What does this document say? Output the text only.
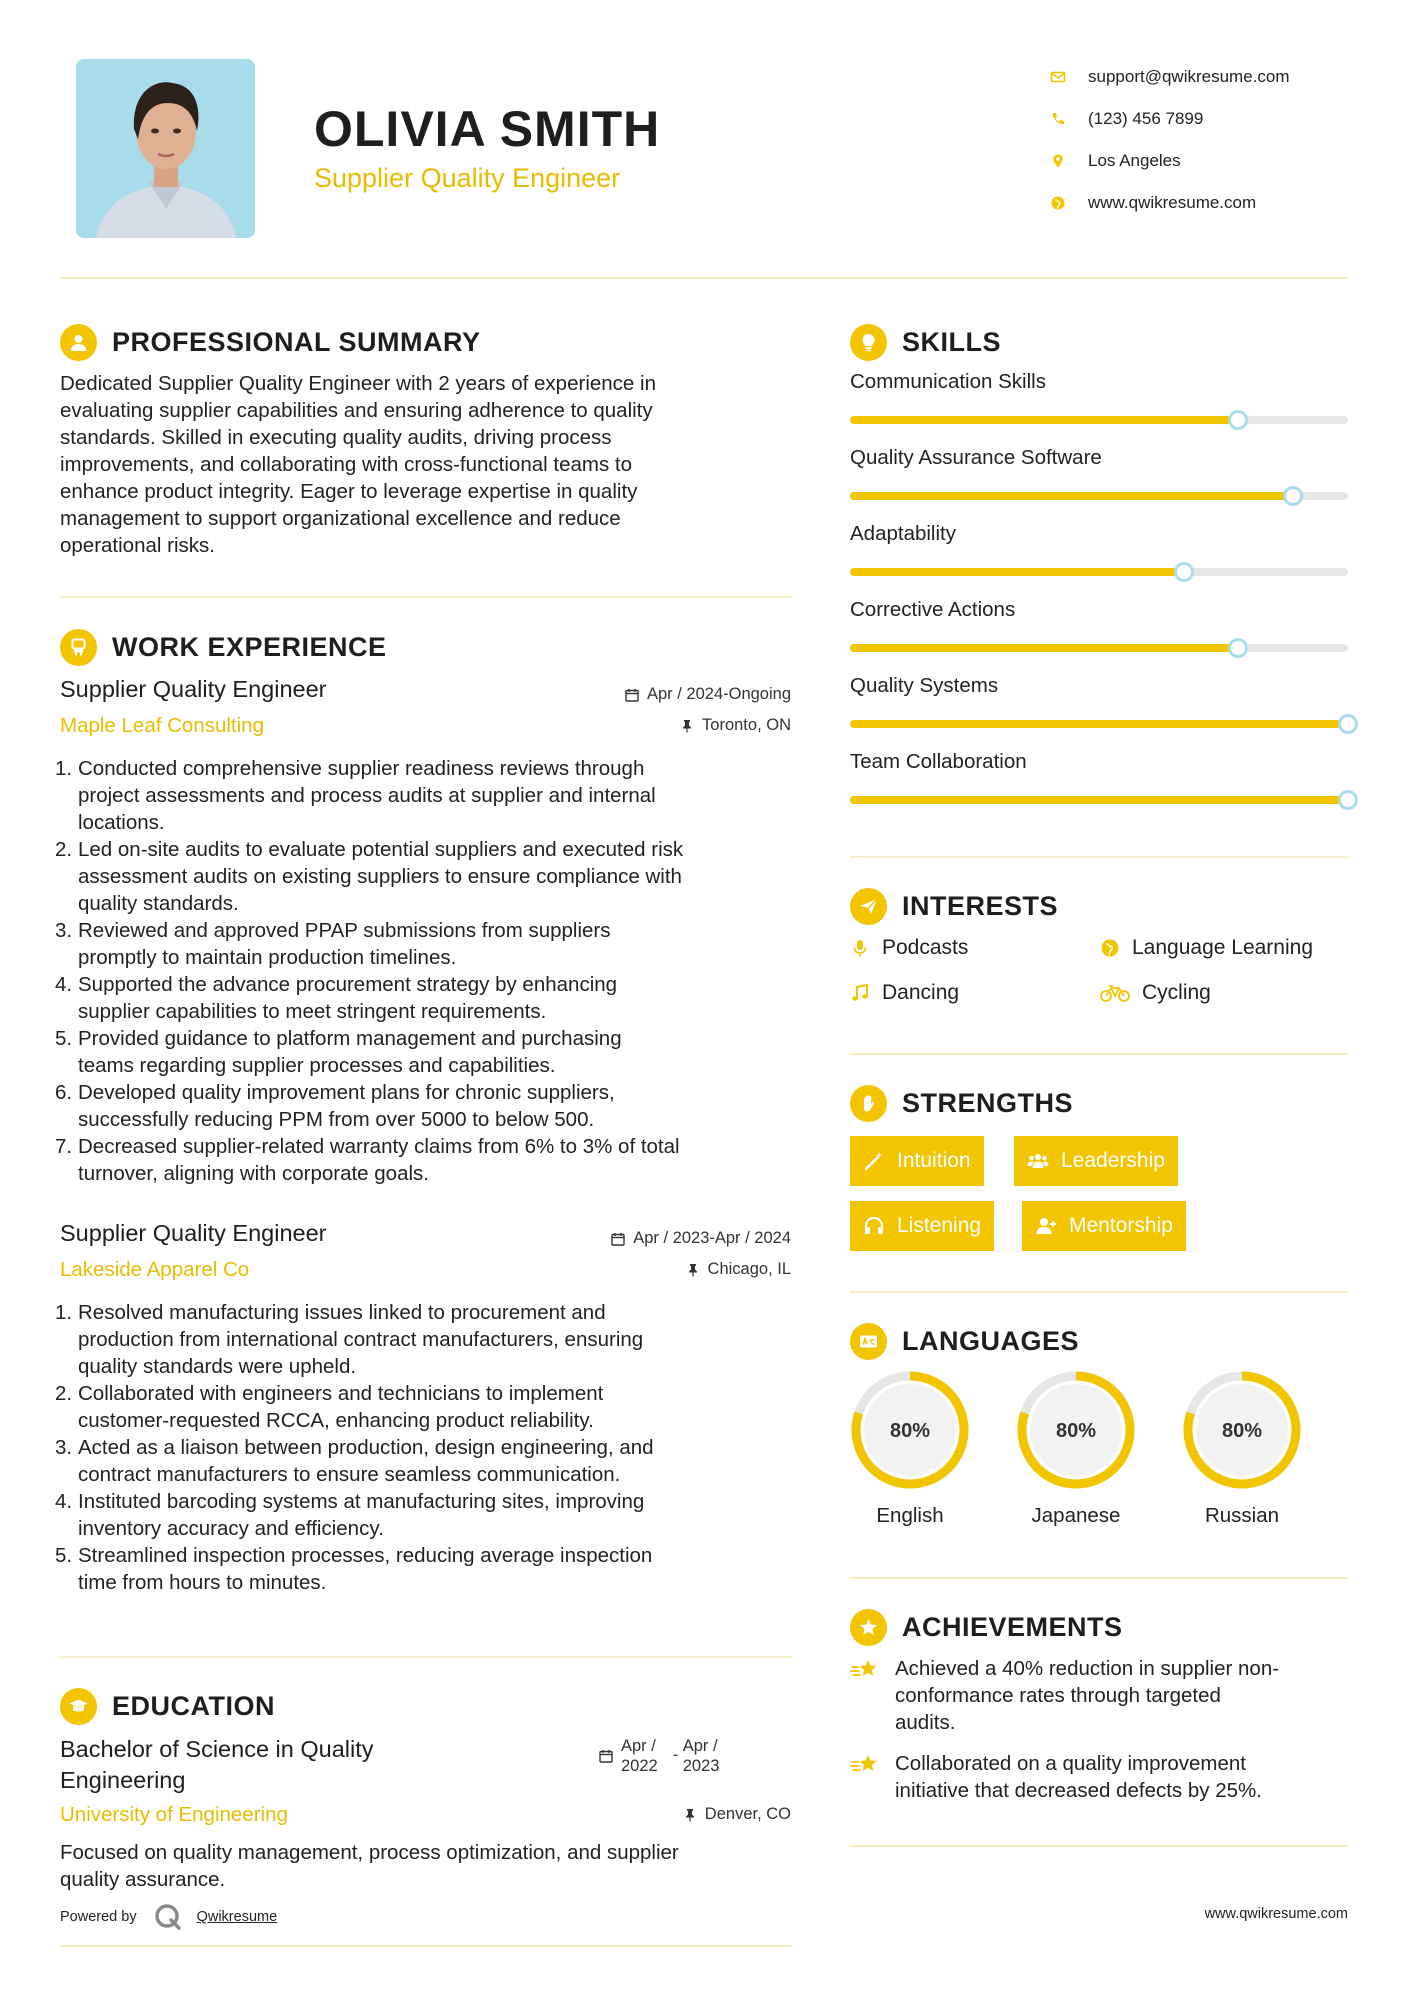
OLIVIA SMITH
Supplier Quality Engineer
support@qwikresume.com
(123) 456 7899
Los Angeles
www.qwikresume.com
PROFESSIONAL SUMMARY
Dedicated Supplier Quality Engineer with 2 years of experience in
evaluating supplier capabilities and ensuring adherence to quality
standards. Skilled in executing quality audits, driving process
improvements, and collaborating with cross-functional teams to
enhance product integrity. Eager to leverage expertise in quality
management to support organizational excellence and reduce
operational risks.
WORK EXPERIENCE
Supplier Quality Engineer
Maple Leaf Consulting
Apr / 2024-Ongoing
Toronto, ON
1. Conducted comprehensive supplier readiness reviews through
project assessments and process audits at supplier and internal
locations.
2. Led on-site audits to evaluate potential suppliers and executed risk
assessment audits on existing suppliers to ensure compliance with
quality standards.
3. Reviewed and approved PPAP submissions from suppliers
promptly to maintain production timelines.
4. Supported the advance procurement strategy by enhancing
supplier capabilities to meet stringent requirements.
5. Provided guidance to platform management and purchasing
teams regarding supplier processes and capabilities.
6. Developed quality improvement plans for chronic suppliers,
successfully reducing PPM from over 5000 to below 500.
7. Decreased supplier-related warranty claims from 6% to 3% of total
turnover, aligning with corporate goals.
Supplier Quality Engineer
Lakeside Apparel Co
Apr / 2023-Apr / 2024
Chicago, IL
1. Resolved manufacturing issues linked to procurement and
production from international contract manufacturers, ensuring
quality standards were upheld.
2. Collaborated with engineers and technicians to implement
customer-requested RCCA, enhancing product reliability.
3. Acted as a liaison between production, design engineering, and
contract manufacturers to ensure seamless communication.
4. Instituted barcoding systems at manufacturing sites, improving
inventory accuracy and efficiency.
5. Streamlined inspection processes, reducing average inspection
time from hours to minutes.
EDUCATION
Bachelor of Science in Quality
Engineering
University of Engineering
Apr /
2022
- Apr /
2023
Denver, CO
Focused on quality management, process optimization, and supplier
quality assurance.
SKILLS
Communication Skills
Quality Assurance Software
Adaptability
Corrective Actions
Quality Systems
Team Collaboration
INTERESTS
Podcasts	Language Learning
Dancing	Cycling
STRENGTHS
Intuition	Leadership
Listening	Mentorship
LANGUAGES
80%
English
80%
Japanese
80%
Russian
ACHIEVEMENTS
Achieved a 40% reduction in supplier non-
conformance rates through targeted
audits.
Collaborated on a quality improvement
initiative that decreased defects by 25%.
Powered by	Qwikresume	www.qwikresume.com
